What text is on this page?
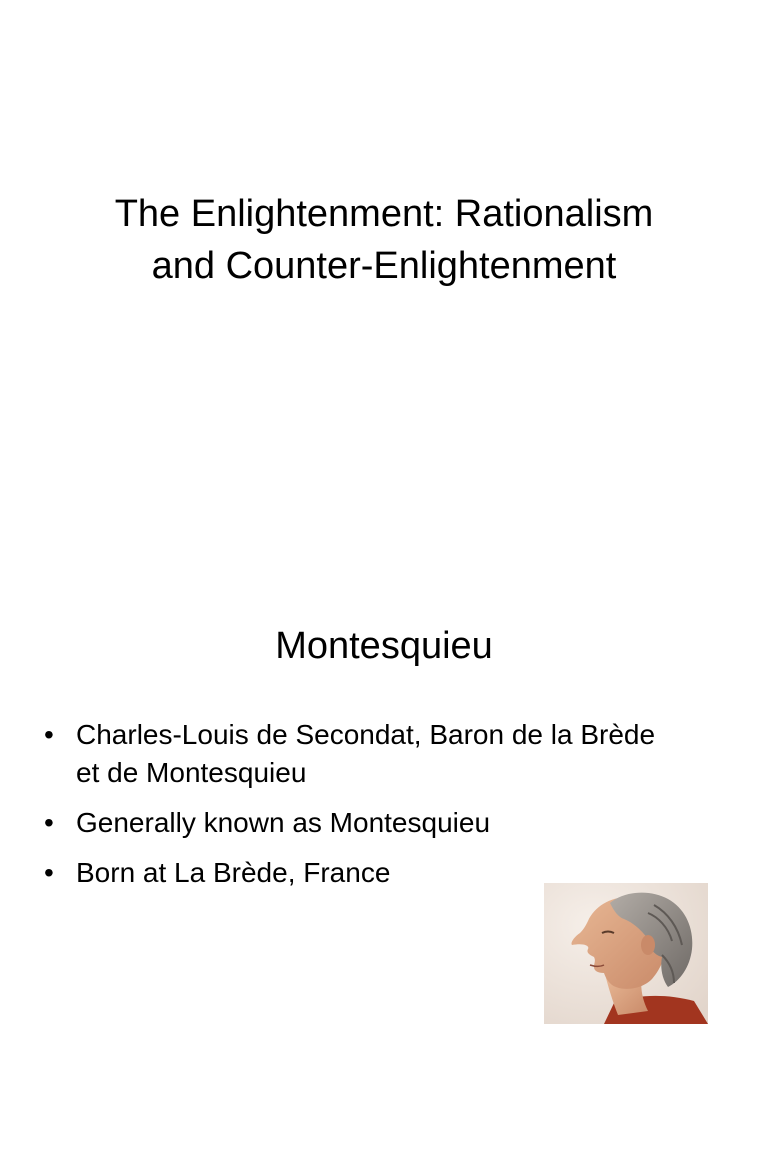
The Enlightenment: Rationalism
and Counter-Enlightenment
Montesquieu
• Charles-Louis de Secondat, Baron de la Brède
et de Montesquieu
• Generally known as Montesquieu
• Born at La Brède, France
